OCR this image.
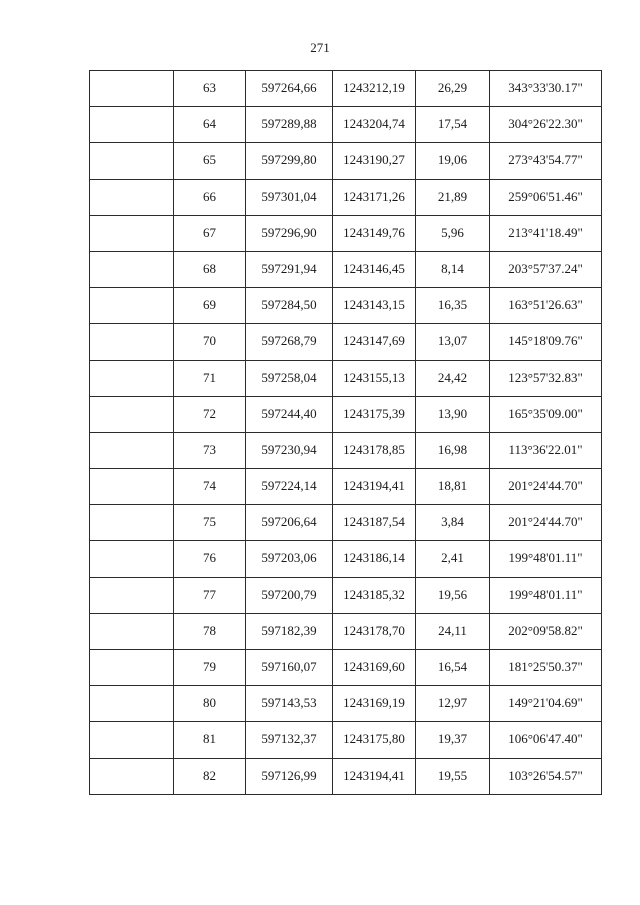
271
	63	597264,66	1243212,19	26,29	343°33'30.17"
	64	597289,88	1243204,74	17,54	304°26'22.30"
	65	597299,80	1243190,27	19,06	273°43'54.77"
	66	597301,04	1243171,26	21,89	259°06'51.46"
	67	597296,90	1243149,76	5,96	213°41'18.49"
	68	597291,94	1243146,45	8,14	203°57'37.24"
	69	597284,50	1243143,15	16,35	163°51'26.63"
	70	597268,79	1243147,69	13,07	145°18'09.76"
	71	597258,04	1243155,13	24,42	123°57'32.83"
	72	597244,40	1243175,39	13,90	165°35'09.00"
	73	597230,94	1243178,85	16,98	113°36'22.01"
	74	597224,14	1243194,41	18,81	201°24'44.70"
	75	597206,64	1243187,54	3,84	201°24'44.70"
	76	597203,06	1243186,14	2,41	199°48'01.11"
	77	597200,79	1243185,32	19,56	199°48'01.11"
	78	597182,39	1243178,70	24,11	202°09'58.82"
	79	597160,07	1243169,60	16,54	181°25'50.37"
	80	597143,53	1243169,19	12,97	149°21'04.69"
	81	597132,37	1243175,80	19,37	106°06'47.40"
	82	597126,99	1243194,41	19,55	103°26'54.57"
